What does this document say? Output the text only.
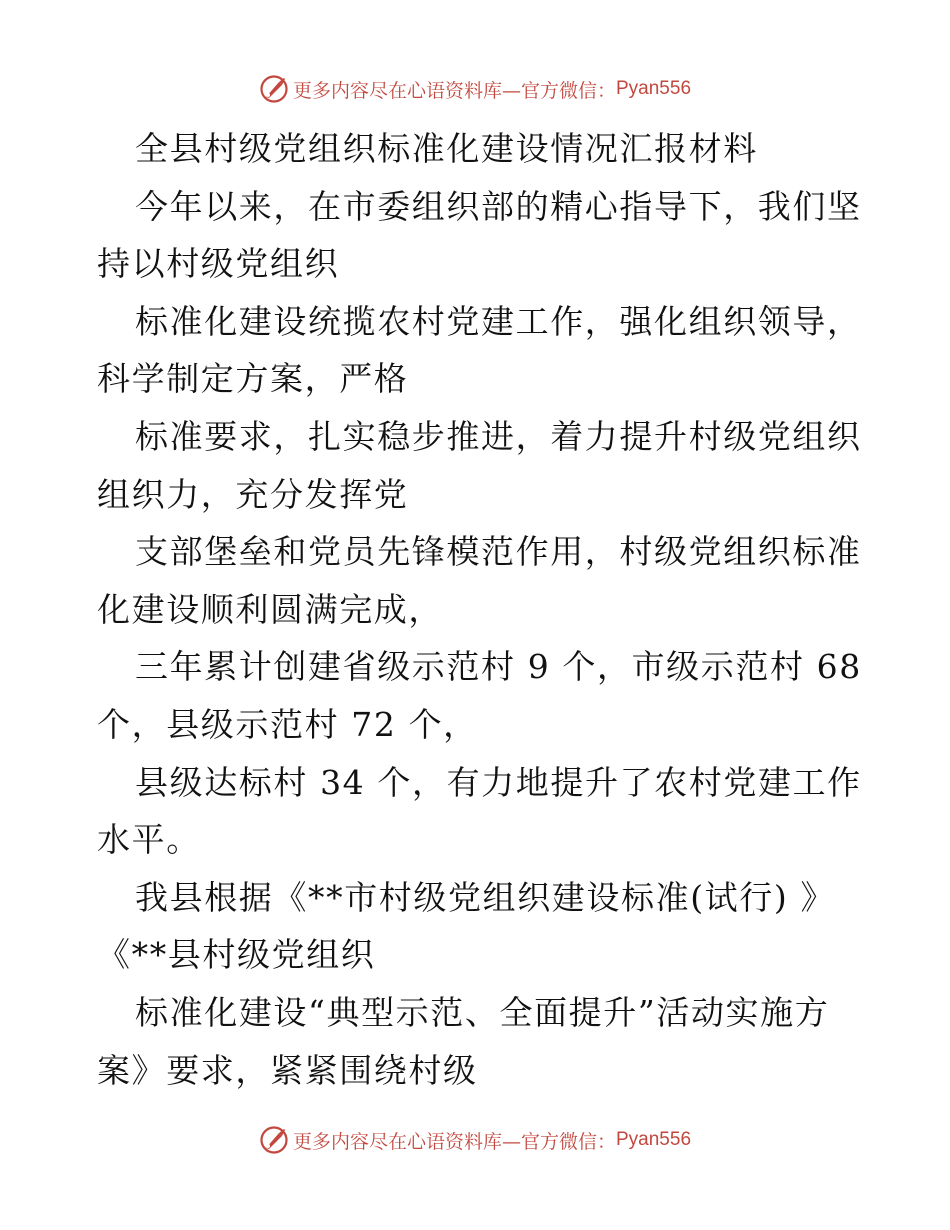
更多内容尽在心语资料库—官方微信： Pyan556
全县村级党组织标准化建设情况汇报材料
今年以来，在市委组织部的精心指导下，我们坚
持以村级党组织
标准化建设统揽农村党建工作，强化组织领导，
科学制定方案，严格
标准要求，扎实稳步推进，着力提升村级党组织
组织力，充分发挥党
支部堡垒和党员先锋模范作用，村级党组织标准
化建设顺利圆满完成，
三年累计创建省级示范村 9 个，市级示范村 68
个，县级示范村 72 个，
县级达标村 34 个，有力地提升了农村党建工作
水平。
我县根据《**市村级党组织建设标准(试行) 》
《**县村级党组织
标准化建设“典型示范、全面提升”活动实施方
案》要求，紧紧围绕村级
更多内容尽在心语资料库—官方微信： Pyan556
